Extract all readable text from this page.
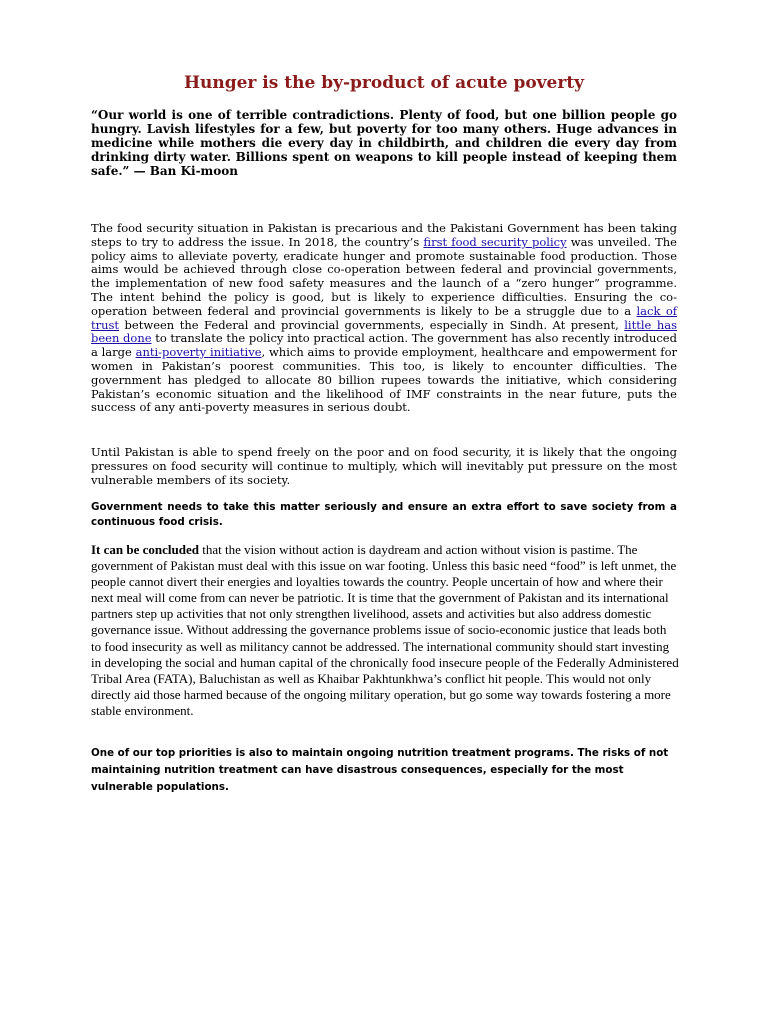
Hunger is the by-product of acute poverty

“Our world is one of terrible contradictions. Plenty of food, but one billion people go hungry. Lavish lifestyles for a few, but poverty for too many others. Huge advances in medicine while mothers die every day in childbirth, and children die every day from drinking dirty water. Billions spent on weapons to kill people instead of keeping them safe.” — Ban Ki-moon

The food security situation in Pakistan is precarious and the Pakistani Government has been taking steps to try to address the issue. In 2018, the country’s first food security policy was unveiled. The policy aims to alleviate poverty, eradicate hunger and promote sustainable food production. Those aims would be achieved through close co-operation between federal and provincial governments, the implementation of new food safety measures and the launch of a “zero hunger” programme. The intent behind the policy is good, but is likely to experience difficulties. Ensuring the co-operation between federal and provincial governments is likely to be a struggle due to a lack of trust between the Federal and provincial governments, especially in Sindh. At present, little has been done to translate the policy into practical action. The government has also recently introduced a large anti-poverty initiative, which aims to provide employment, healthcare and empowerment for women in Pakistan’s poorest communities. This too, is likely to encounter difficulties. The government has pledged to allocate 80 billion rupees towards the initiative, which considering Pakistan’s economic situation and the likelihood of IMF constraints in the near future, puts the success of any anti-poverty measures in serious doubt.

Until Pakistan is able to spend freely on the poor and on food security, it is likely that the ongoing pressures on food security will continue to multiply, which will inevitably put pressure on the most vulnerable members of its society.

Government needs to take this matter seriously and ensure an extra effort to save society from a continuous food crisis.

It can be concluded that the vision without action is daydream and action without vision is pastime. The government of Pakistan must deal with this issue on war footing. Unless this basic need “food” is left unmet, the people cannot divert their energies and loyalties towards the country. People uncertain of how and where their next meal will come from can never be patriotic. It is time that the government of Pakistan and its international partners step up activities that not only strengthen livelihood, assets and activities but also address domestic governance issue. Without addressing the governance problems issue of socio-economic justice that leads both to food insecurity as well as militancy cannot be addressed. The international community should start investing in developing the social and human capital of the chronically food insecure people of the Federally Administered Tribal Area (FATA), Baluchistan as well as Khaibar Pakhtunkhwa’s conflict hit people. This would not only directly aid those harmed because of the ongoing military operation, but go some way towards fostering a more stable environment.

One of our top priorities is also to maintain ongoing nutrition treatment programs. The risks of not maintaining nutrition treatment can have disastrous consequences, especially for the most vulnerable populations.
